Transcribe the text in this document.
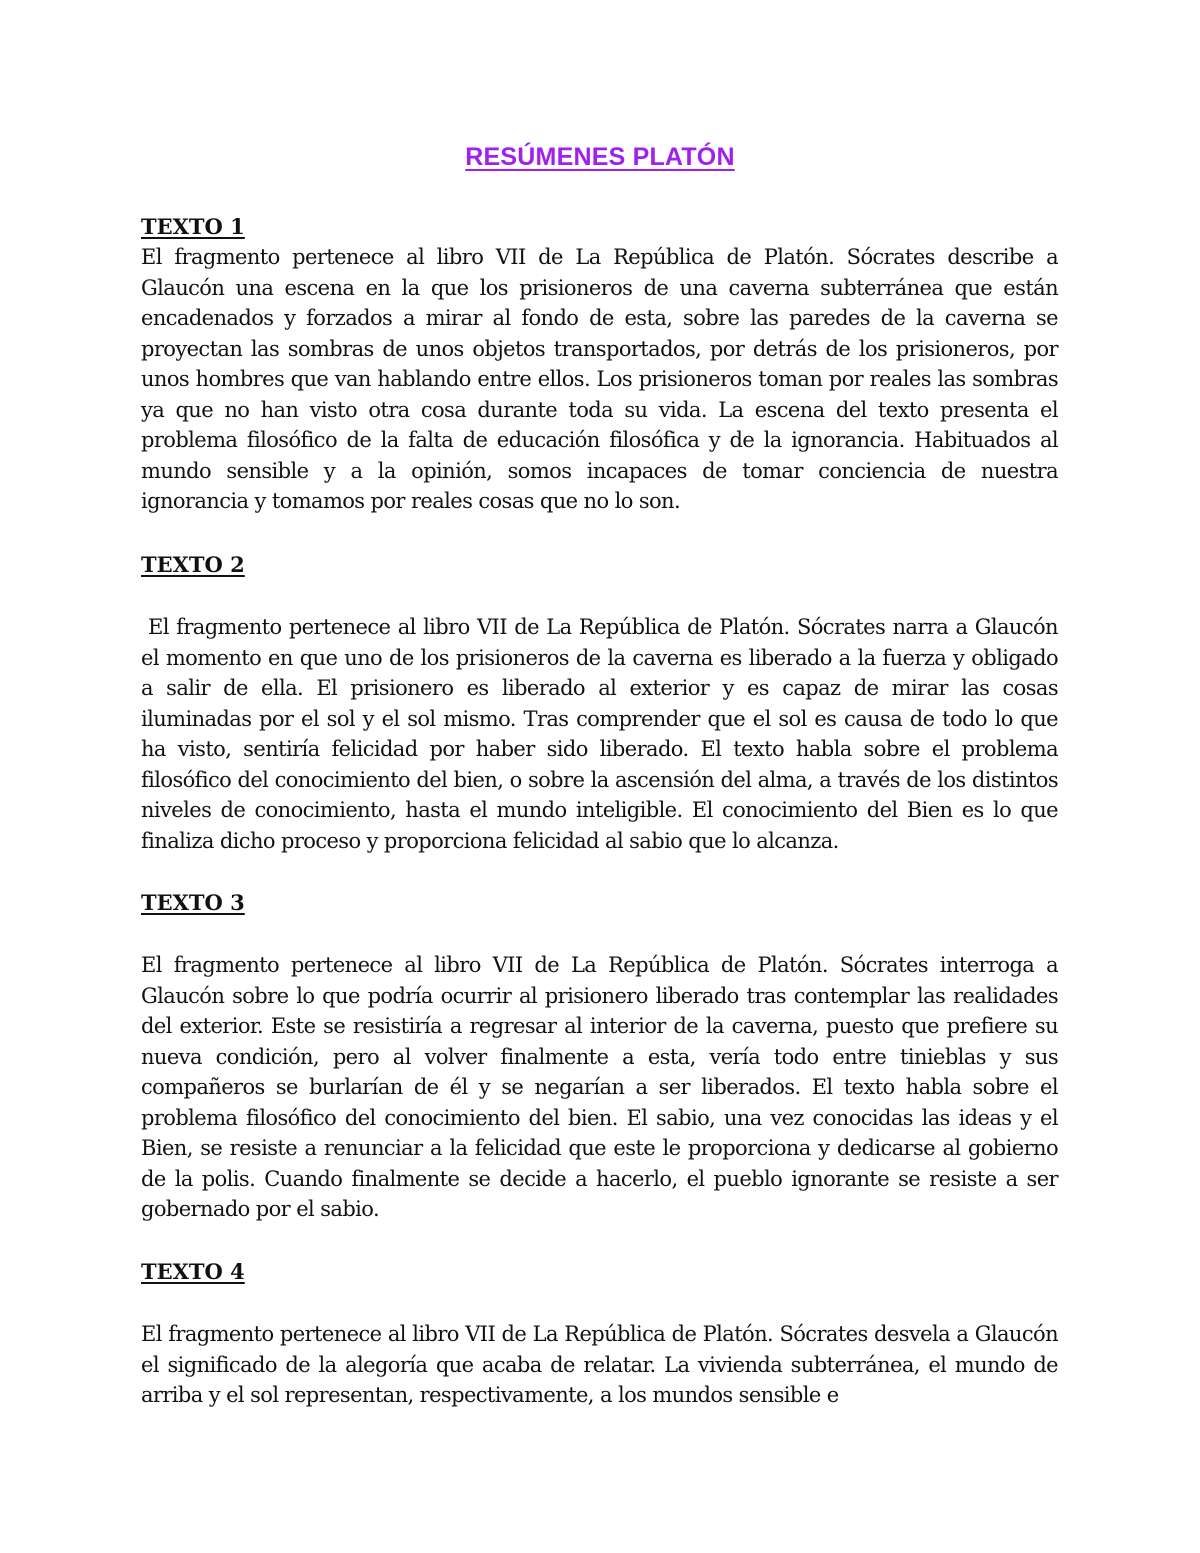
RESÚMENES PLATÓN
TEXTO 1

El fragmento pertenece al libro VII de La República de Platón. Sócrates describe a Glaucón una escena en la que los prisioneros de una caverna subterránea que están encadenados y forzados a mirar al fondo de esta, sobre las paredes de la caverna se proyectan las sombras de unos objetos transportados, por detrás de los prisioneros, por unos hombres que van hablando entre ellos. Los prisioneros toman por reales las sombras ya que no han visto otra cosa durante toda su vida. La escena del texto presenta el problema filosófico de la falta de educación filosófica y de la ignorancia. Habituados al mundo sensible y a la opinión, somos incapaces de tomar conciencia de nuestra ignorancia y tomamos por reales cosas que no lo son.

TEXTO 2

El fragmento pertenece al libro VII de La República de Platón. Sócrates narra a Glaucón el momento en que uno de los prisioneros de la caverna es liberado a la fuerza y obligado a salir de ella. El prisionero es liberado al exterior y es capaz de mirar las cosas iluminadas por el sol y el sol mismo. Tras comprender que el sol es causa de todo lo que ha visto, sentiría felicidad por haber sido liberado. El texto habla sobre el problema filosófico del conocimiento del bien, o sobre la ascensión del alma, a través de los distintos niveles de conocimiento, hasta el mundo inteligible. El conocimiento del Bien es lo que finaliza dicho proceso y proporciona felicidad al sabio que lo alcanza.

TEXTO 3

El fragmento pertenece al libro VII de La República de Platón. Sócrates interroga a Glaucón sobre lo que podría ocurrir al prisionero liberado tras contemplar las realidades del exterior. Este se resistiría a regresar al interior de la caverna, puesto que prefiere su nueva condición, pero al volver finalmente a esta, vería todo entre tinieblas y sus compañeros se burlarían de él y se negarían a ser liberados. El texto habla sobre el problema filosófico del conocimiento del bien. El sabio, una vez conocidas las ideas y el Bien, se resiste a renunciar a la felicidad que este le proporciona y dedicarse al gobierno de la polis. Cuando finalmente se decide a hacerlo, el pueblo ignorante se resiste a ser gobernado por el sabio.

TEXTO 4

El fragmento pertenece al libro VII de La República de Platón. Sócrates desvela a Glaucón el significado de la alegoría que acaba de relatar. La vivienda subterránea, el mundo de arriba y el sol representan, respectivamente, a los mundos sensible e
